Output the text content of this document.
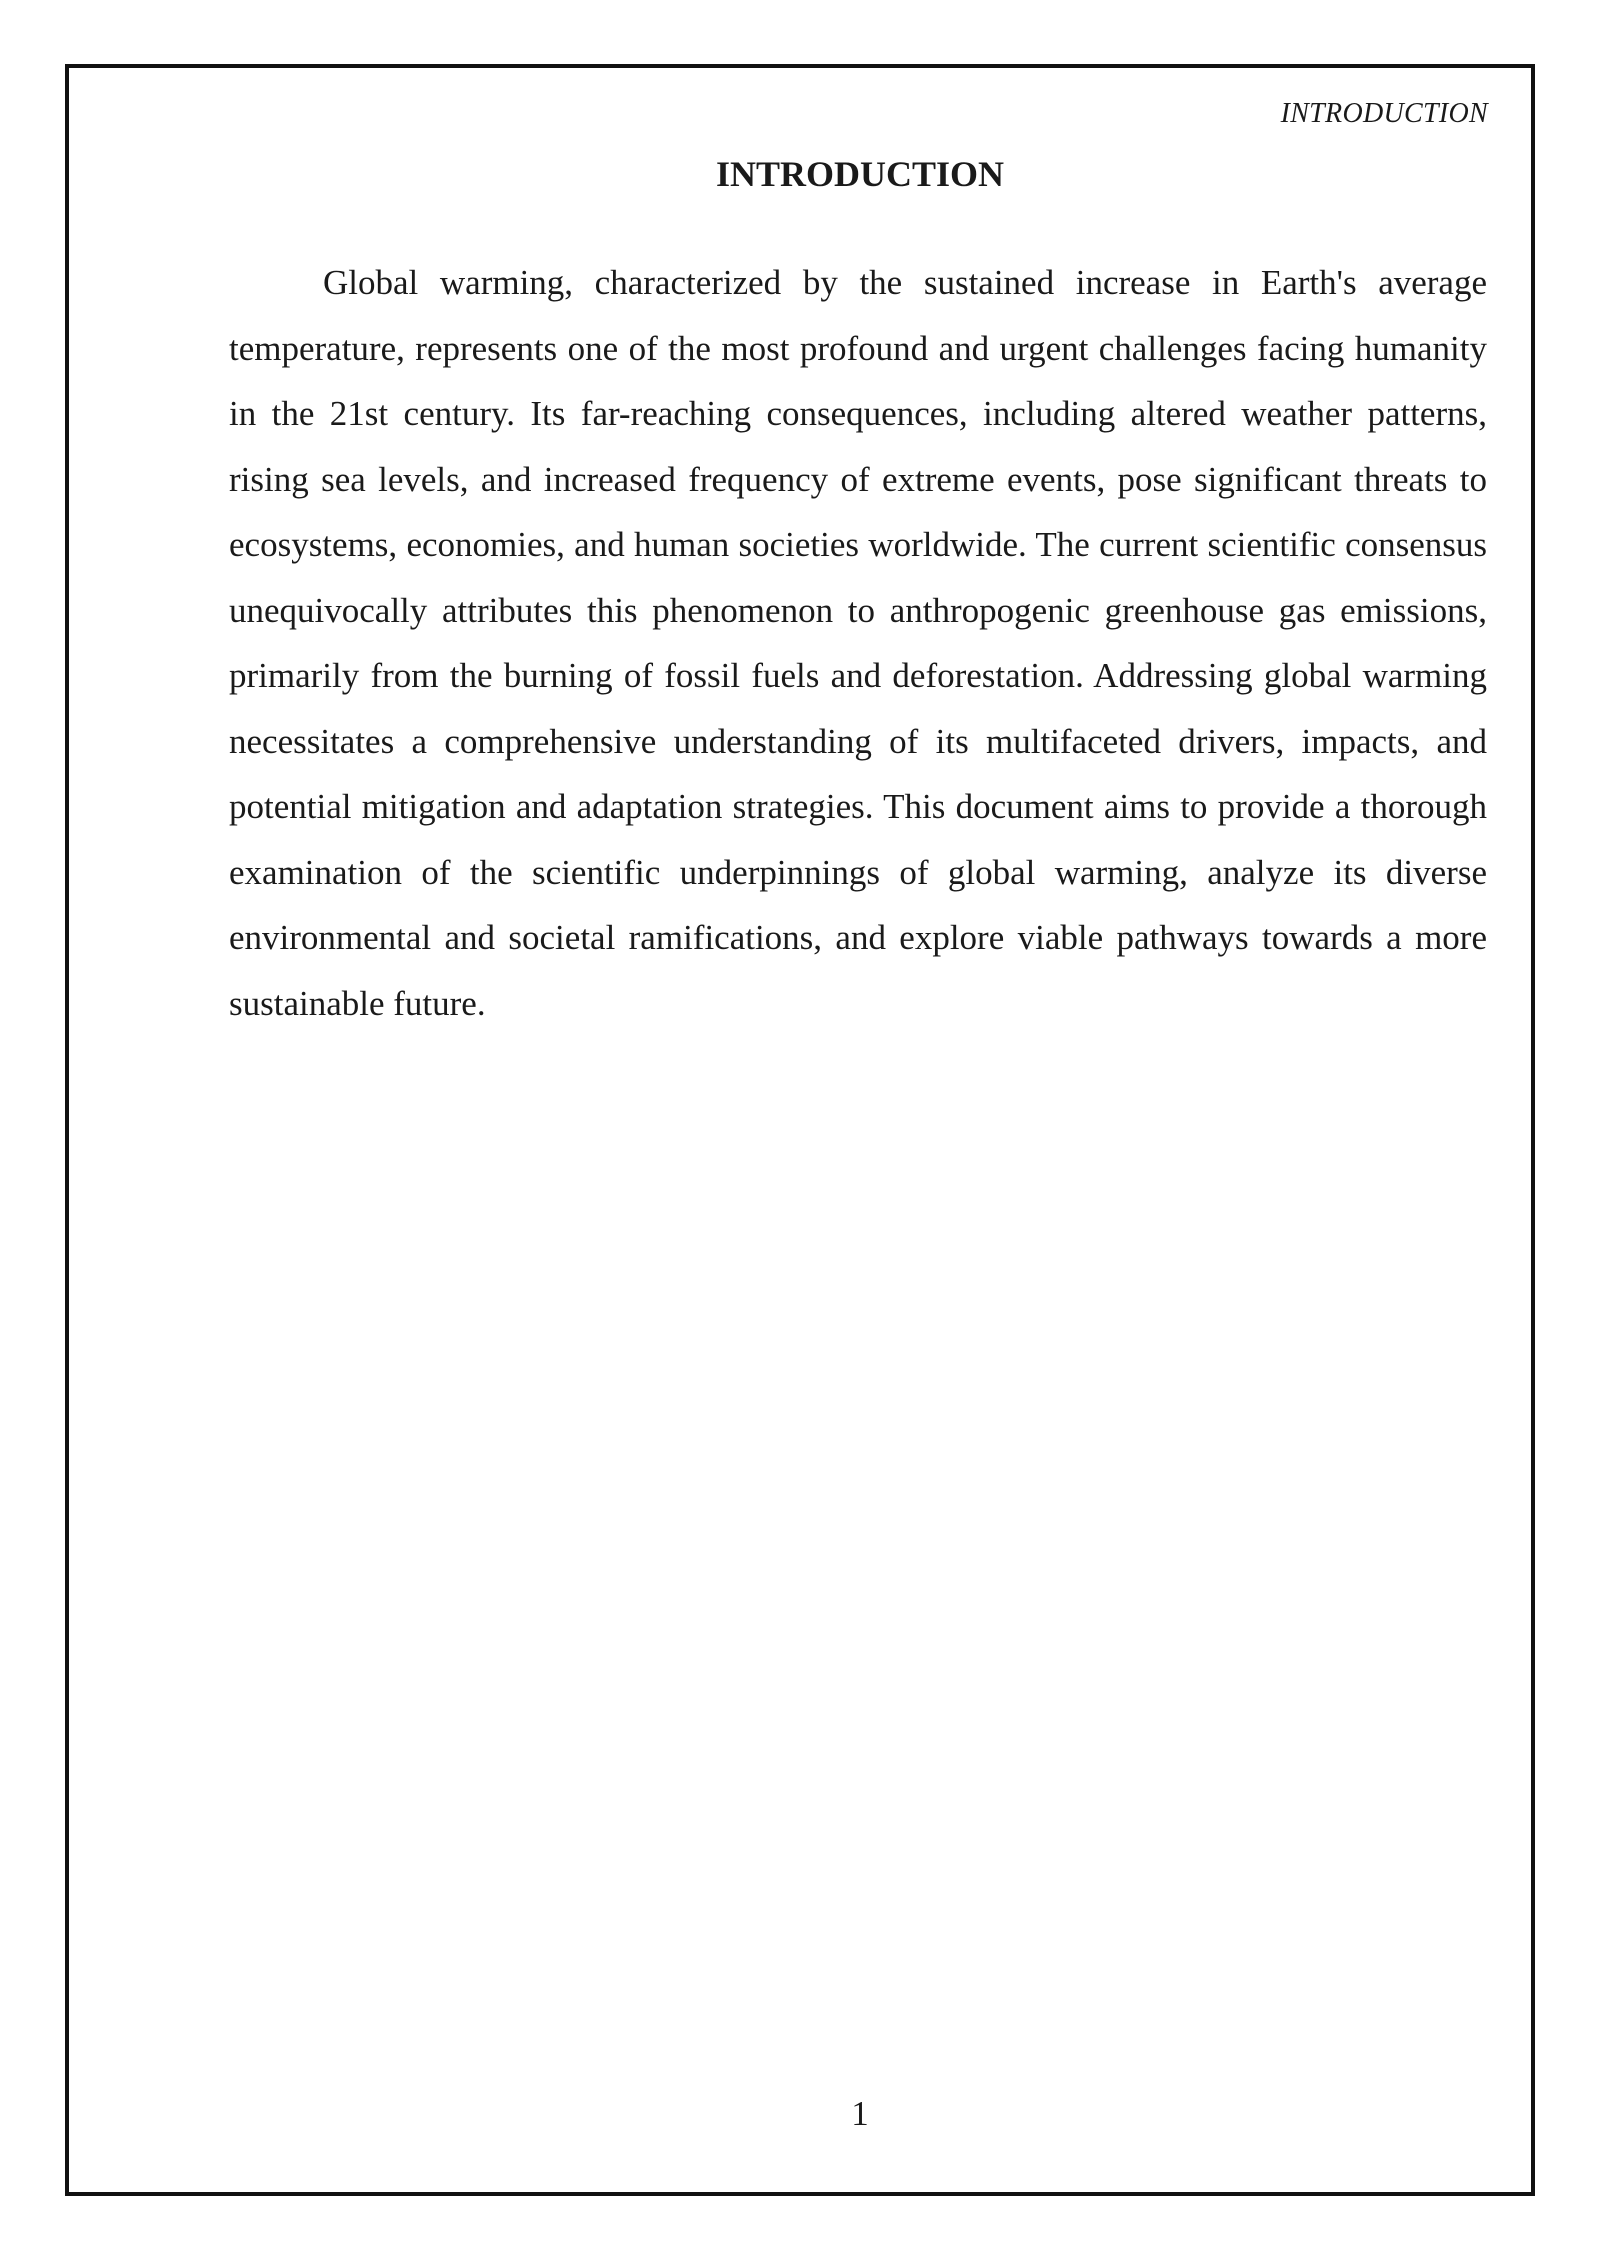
INTRODUCTION
INTRODUCTION

Global warming, characterized by the sustained increase in Earth's average temperature, represents one of the most profound and urgent challenges facing humanity in the 21st century. Its far-reaching consequences, including altered weather patterns, rising sea levels, and increased frequency of extreme events, pose significant threats to ecosystems, economies, and human societies worldwide. The current scientific consensus unequivocally attributes this phenomenon to anthropogenic greenhouse gas emissions, primarily from the burning of fossil fuels and deforestation. Addressing global warming necessitates a comprehensive understanding of its multifaceted drivers, impacts, and potential mitigation and adaptation strategies. This document aims to provide a thorough examination of the scientific underpinnings of global warming, analyze its diverse environmental and societal ramifications, and explore viable pathways towards a more sustainable future.

1
